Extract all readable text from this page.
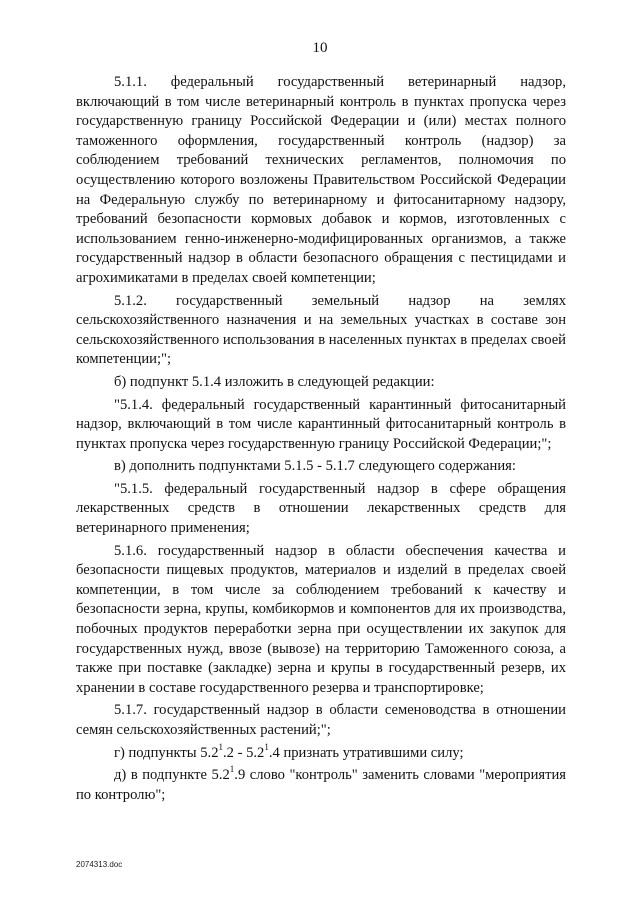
10

5.1.1. федеральный государственный ветеринарный надзор, включающий в том числе ветеринарный контроль в пунктах пропуска через государственную границу Российской Федерации и (или) местах полного таможенного оформления, государственный контроль (надзор) за соблюдением требований технических регламентов, полномочия по осуществлению которого возложены Правительством Российской Федерации на Федеральную службу по ветеринарному и фитосанитарному надзору, требований безопасности кормовых добавок и кормов, изготовленных с использованием генно-инженерно-модифицированных организмов, а также государственный надзор в области безопасного обращения с пестицидами и агрохимикатами в пределах своей компетенции;

5.1.2. государственный земельный надзор на землях сельскохозяйственного назначения и на земельных участках в составе зон сельскохозяйственного использования в населенных пунктах в пределах своей компетенции;";

б) подпункт 5.1.4 изложить в следующей редакции:

"5.1.4. федеральный государственный карантинный фитосанитарный надзор, включающий в том числе карантинный фитосанитарный контроль в пунктах пропуска через государственную границу Российской Федерации;";

в) дополнить подпунктами 5.1.5 - 5.1.7 следующего содержания:

"5.1.5. федеральный государственный надзор в сфере обращения лекарственных средств в отношении лекарственных средств для ветеринарного применения;

5.1.6. государственный надзор в области обеспечения качества и безопасности пищевых продуктов, материалов и изделий в пределах своей компетенции, в том числе за соблюдением требований к качеству и безопасности зерна, крупы, комбикормов и компонентов для их производства, побочных продуктов переработки зерна при осуществлении их закупок для государственных нужд, ввозе (вывозе) на территорию Таможенного союза, а также при поставке (закладке) зерна и крупы в государственный резерв, их хранении в составе государственного резерва и транспортировке;

5.1.7. государственный надзор в области семеноводства в отношении семян сельскохозяйственных растений;";

г) подпункты $5.2^1.2 - 5.2^1.4$ признать утратившими силу;

д) в подпункте $5.2^1.9$ слово "контроль" заменить словами "мероприятия по контролю";

2074313.doc
